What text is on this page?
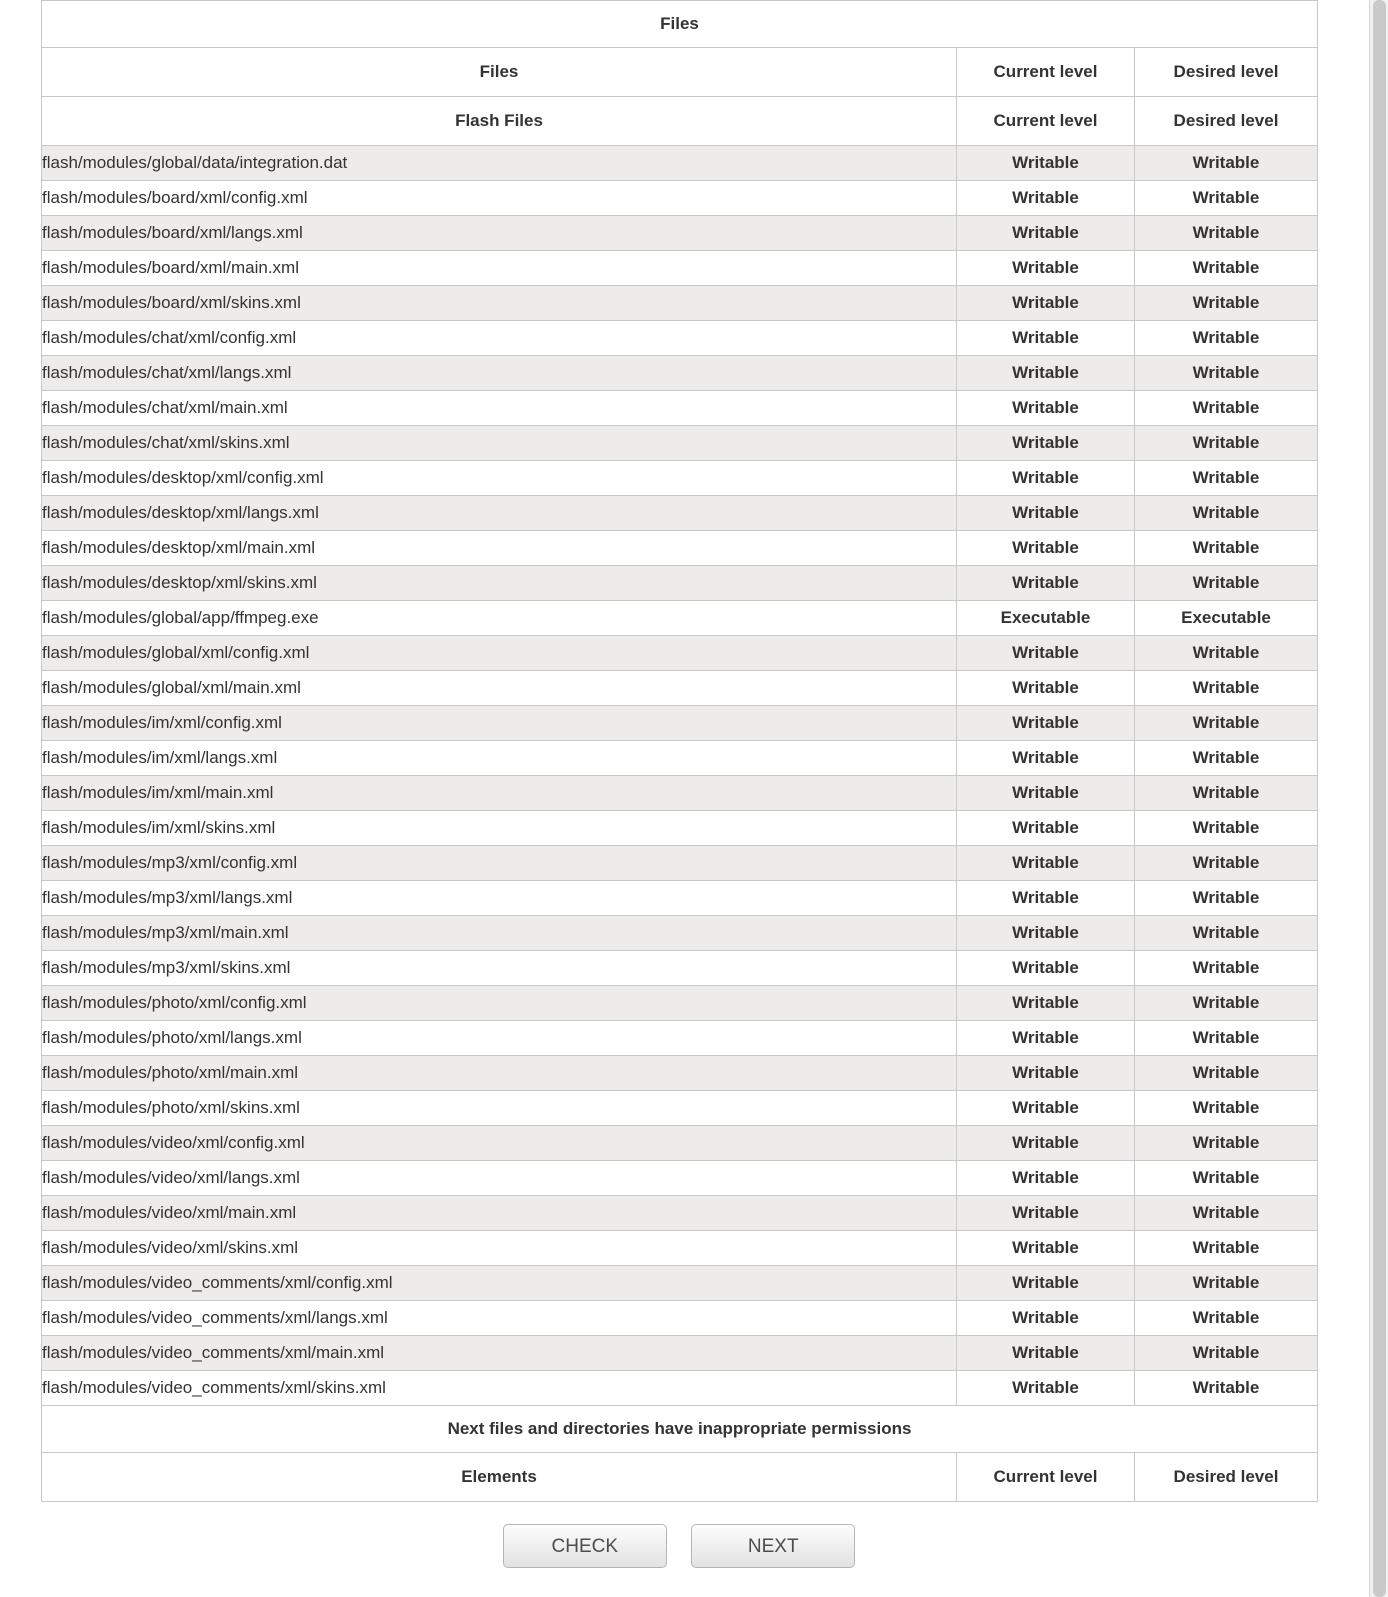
Files		
Files	Current level	Desired level
Flash Files	Current level	Desired level
flash/modules/global/data/integration.dat	Writable	Writable
flash/modules/board/xml/config.xml	Writable	Writable
flash/modules/board/xml/langs.xml	Writable	Writable
flash/modules/board/xml/main.xml	Writable	Writable
flash/modules/board/xml/skins.xml	Writable	Writable
flash/modules/chat/xml/config.xml	Writable	Writable
flash/modules/chat/xml/langs.xml	Writable	Writable
flash/modules/chat/xml/main.xml	Writable	Writable
flash/modules/chat/xml/skins.xml	Writable	Writable
flash/modules/desktop/xml/config.xml	Writable	Writable
flash/modules/desktop/xml/langs.xml	Writable	Writable
flash/modules/desktop/xml/main.xml	Writable	Writable
flash/modules/desktop/xml/skins.xml	Writable	Writable
flash/modules/global/app/ffmpeg.exe	Executable	Executable
flash/modules/global/xml/config.xml	Writable	Writable
flash/modules/global/xml/main.xml	Writable	Writable
flash/modules/im/xml/config.xml	Writable	Writable
flash/modules/im/xml/langs.xml	Writable	Writable
flash/modules/im/xml/main.xml	Writable	Writable
flash/modules/im/xml/skins.xml	Writable	Writable
flash/modules/mp3/xml/config.xml	Writable	Writable
flash/modules/mp3/xml/langs.xml	Writable	Writable
flash/modules/mp3/xml/main.xml	Writable	Writable
flash/modules/mp3/xml/skins.xml	Writable	Writable
flash/modules/photo/xml/config.xml	Writable	Writable
flash/modules/photo/xml/langs.xml	Writable	Writable
flash/modules/photo/xml/main.xml	Writable	Writable
flash/modules/photo/xml/skins.xml	Writable	Writable
flash/modules/video/xml/config.xml	Writable	Writable
flash/modules/video/xml/langs.xml	Writable	Writable
flash/modules/video/xml/main.xml	Writable	Writable
flash/modules/video/xml/skins.xml	Writable	Writable
flash/modules/video_comments/xml/config.xml	Writable	Writable
flash/modules/video_comments/xml/langs.xml	Writable	Writable
flash/modules/video_comments/xml/main.xml	Writable	Writable
flash/modules/video_comments/xml/skins.xml	Writable	Writable
Next files and directories have inappropriate permissions		
Elements	Current level	Desired level
CHECK	NEXT
